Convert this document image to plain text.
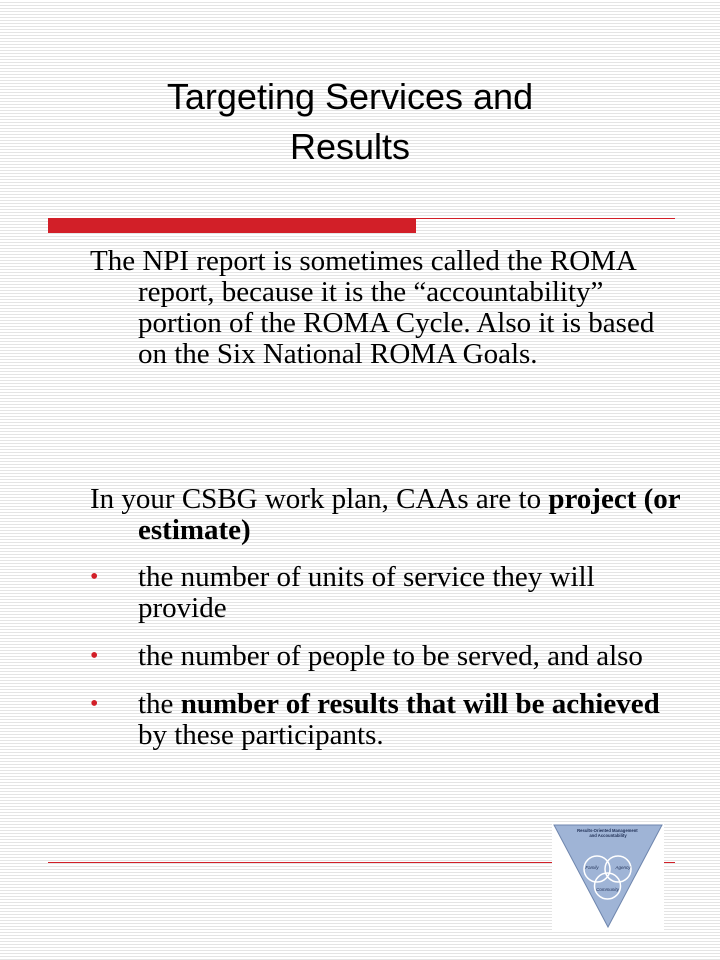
Targeting Services and
Results

The NPI report is sometimes called the ROMA report, because it is the “accountability” portion of the ROMA Cycle. Also it is based on the Six National ROMA Goals.

In your CSBG work plan, CAAs are to project (or estimate)

•	the number of units of service they will provide
•	the number of people to be served, and also
•	the number of results that will be achieved by these participants.
Results-Oriented Management and Accountability
Family	Agency
Community
